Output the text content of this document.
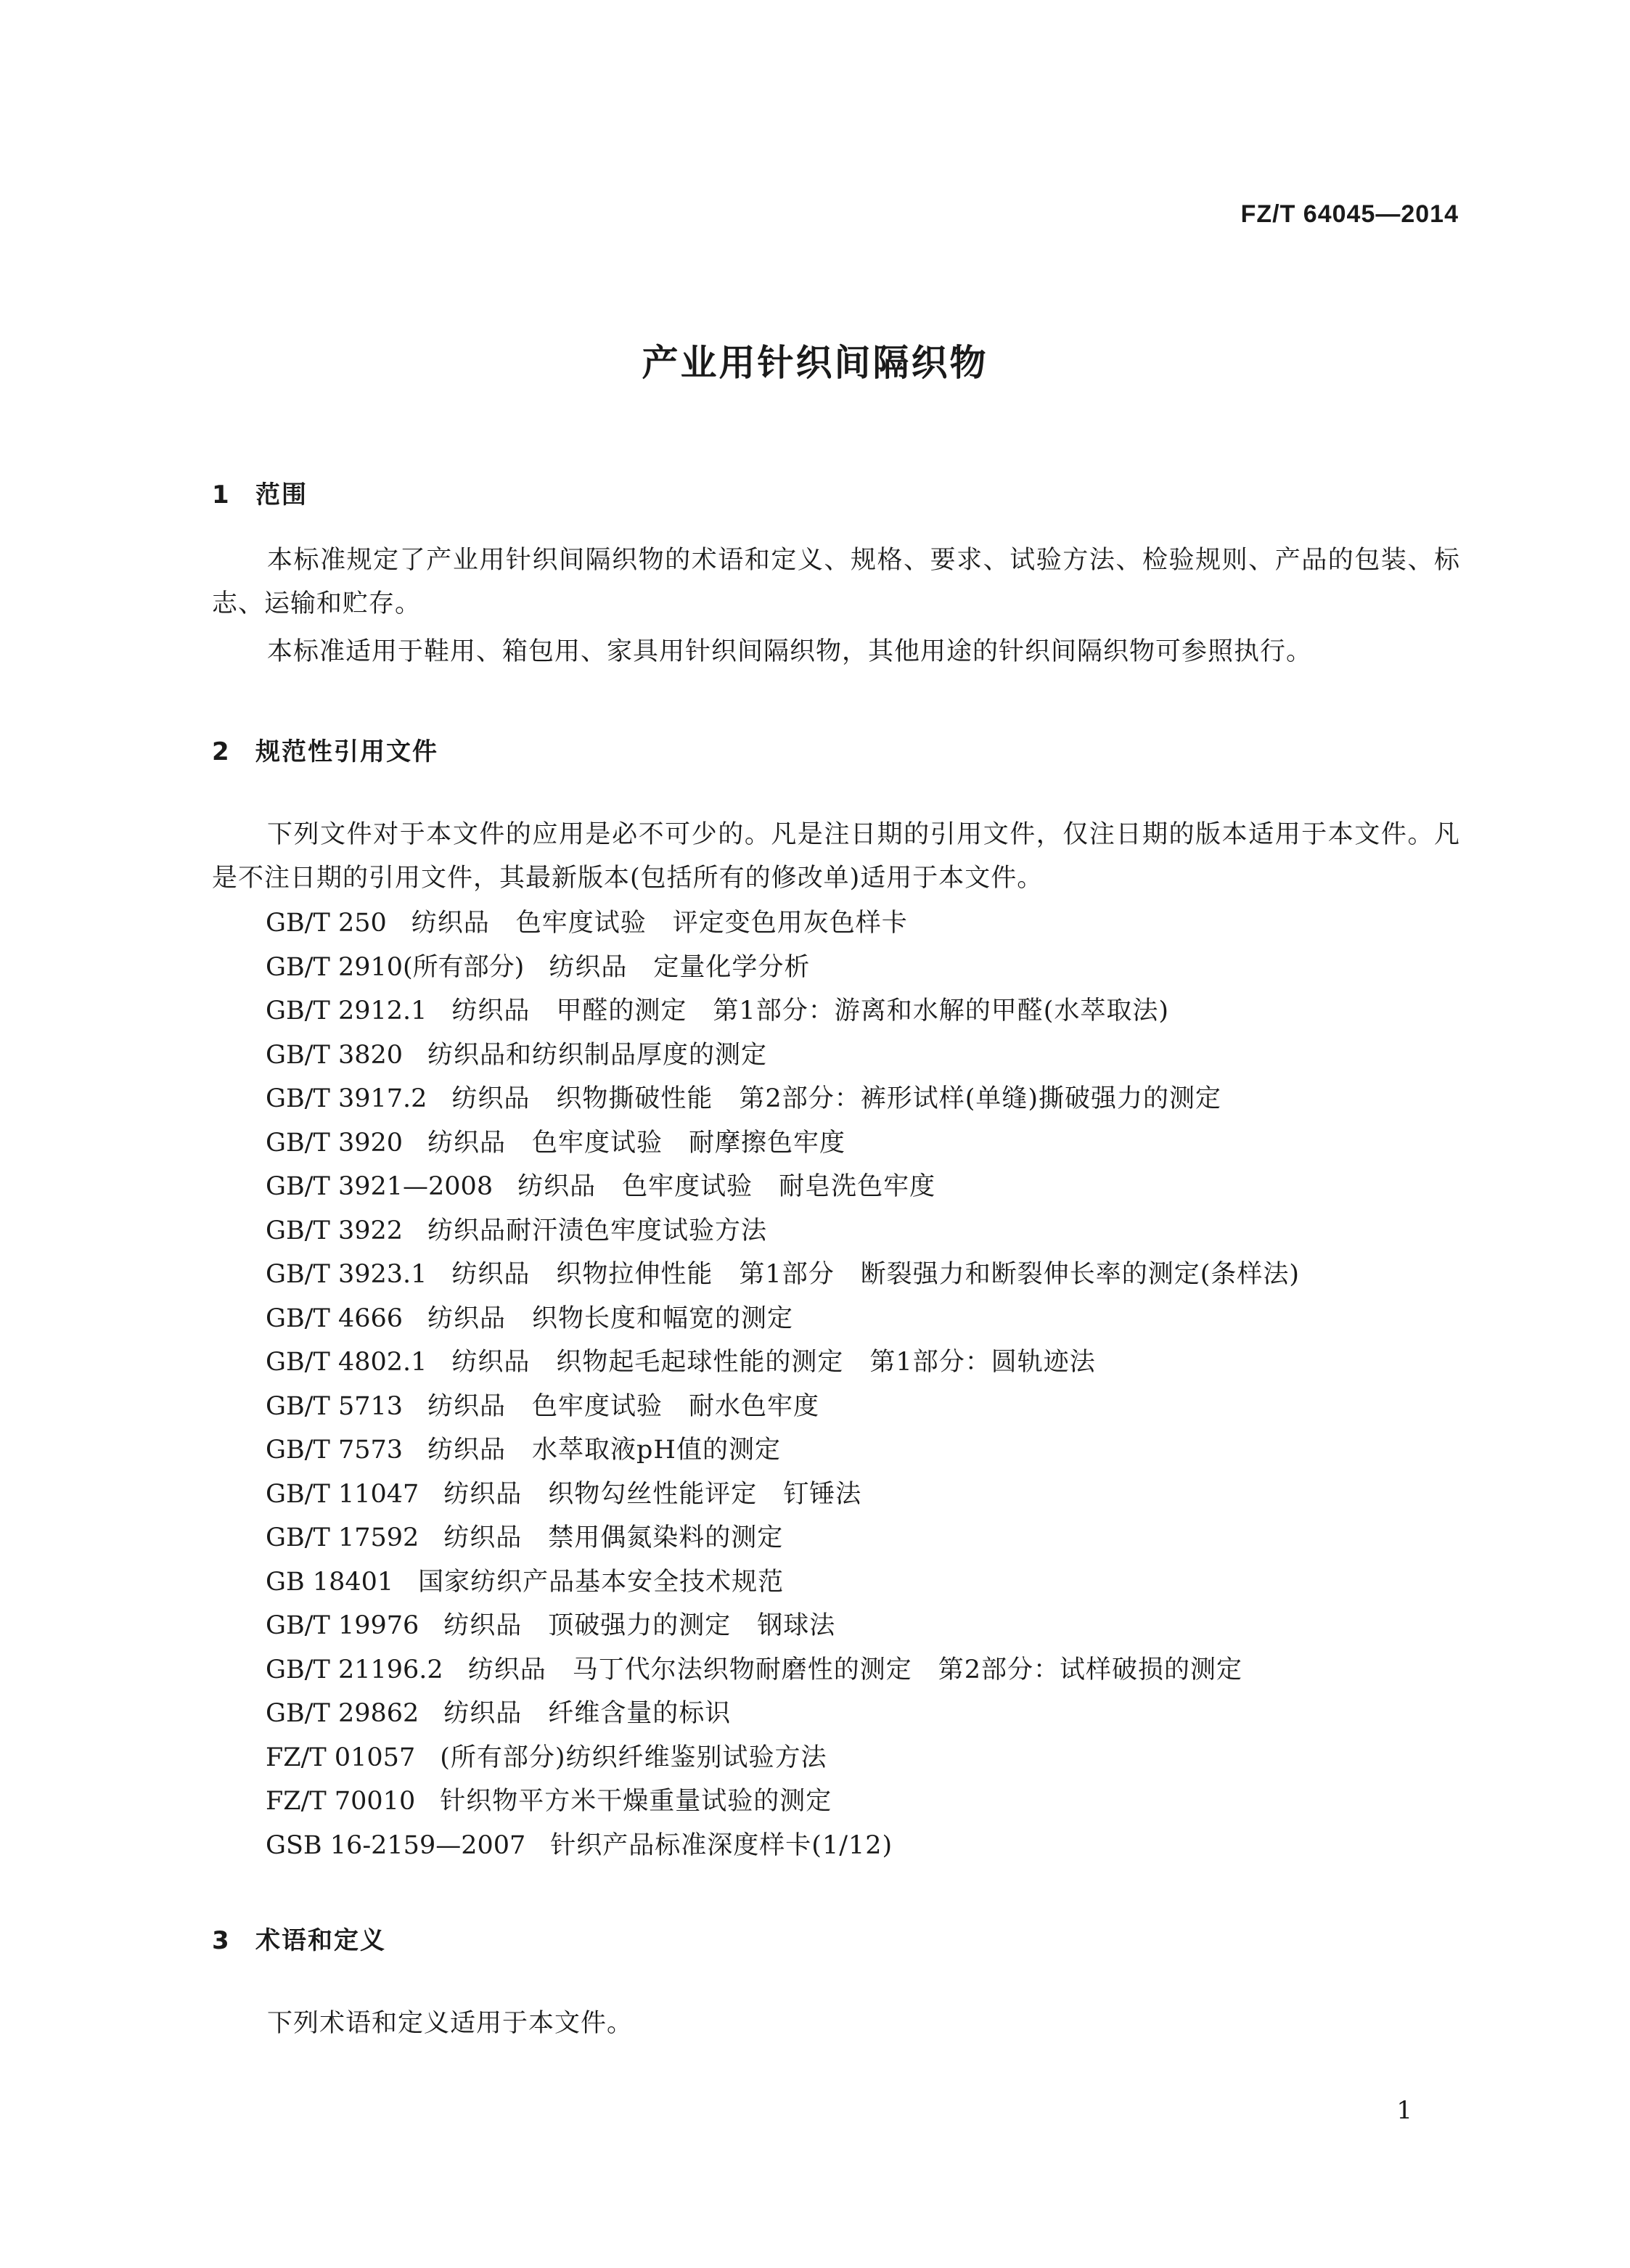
FZ/T 64045—2014
产业用针织间隔织物
1 范围

本标准规定了产业用针织间隔织物的术语和定义、规格、要求、试验方法、检验规则、产品的包装、标志、运输和贮存。

本标准适用于鞋用、箱包用、家具用针织间隔织物，其他用途的针织间隔织物可参照执行。

2 规范性引用文件

下列文件对于本文件的应用是必不可少的。凡是注日期的引用文件，仅注日期的版本适用于本文件。凡是不注日期的引用文件，其最新版本(包括所有的修改单)适用于本文件。

GB/T 250 纺织品　色牢度试验　评定变色用灰色样卡
GB/T 2910(所有部分) 纺织品　定量化学分析
GB/T 2912.1 纺织品　甲醛的测定　第1部分：游离和水解的甲醛(水萃取法)
GB/T 3820 纺织品和纺织制品厚度的测定
GB/T 3917.2 纺织品　织物撕破性能　第2部分：裤形试样(单缝)撕破强力的测定
GB/T 3920 纺织品　色牢度试验　耐摩擦色牢度
GB/T 3921—2008 纺织品　色牢度试验　耐皂洗色牢度
GB/T 3922 纺织品耐汗渍色牢度试验方法
GB/T 3923.1 纺织品　织物拉伸性能　第1部分　断裂强力和断裂伸长率的测定(条样法)
GB/T 4666 纺织品　织物长度和幅宽的测定
GB/T 4802.1 纺织品　织物起毛起球性能的测定　第1部分：圆轨迹法
GB/T 5713 纺织品　色牢度试验　耐水色牢度
GB/T 7573 纺织品　水萃取液pH值的测定
GB/T 11047 纺织品　织物勾丝性能评定　钉锤法
GB/T 17592 纺织品　禁用偶氮染料的测定
GB 18401 国家纺织产品基本安全技术规范
GB/T 19976 纺织品　顶破强力的测定　钢球法
GB/T 21196.2 纺织品　马丁代尔法织物耐磨性的测定　第2部分：试样破损的测定
GB/T 29862 纺织品　纤维含量的标识
FZ/T 01057 (所有部分)纺织纤维鉴别试验方法
FZ/T 70010 针织物平方米干燥重量试验的测定
GSB 16-2159—2007 针织产品标准深度样卡(1/12)
3 术语和定义

下列术语和定义适用于本文件。

1
